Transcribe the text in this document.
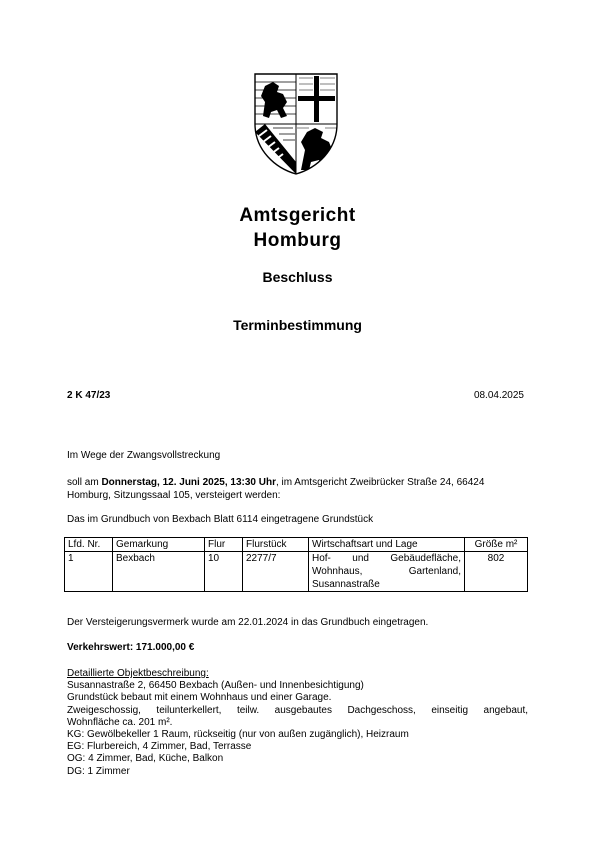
Amtsgericht
Homburg
Beschluss
Terminbestimmung
2 K 47/23	08.04.2025
Im Wege der Zwangsvollstreckung
soll am Donnerstag, 12. Juni 2025, 13:30 Uhr, im Amtsgericht Zweibrücker Straße 24, 66424 Homburg, Sitzungssaal 105, versteigert werden:
Das im Grundbuch von Bexbach Blatt 6114 eingetragene Grundstück
Lfd. Nr.	Gemarkung	Flur	Flurstück	Wirtschaftsart und Lage	Größe m²
1	Bexbach	10	2277/7	Hof- und Gebäudefläche, Wohnhaus, Gartenland, Susannastraße	802
Der Versteigerungsvermerk wurde am 22.01.2024 in das Grundbuch eingetragen.
Verkehrswert: 171.000,00 €
Detaillierte Objektbeschreibung:
Susannastraße 2, 66450 Bexbach (Außen- und Innenbesichtigung)
Grundstück bebaut mit einem Wohnhaus und einer Garage.
Zweigeschossig, teilunterkellert, teilw. ausgebautes Dachgeschoss, einseitig angebaut,
Wohnfläche ca. 201 m².
KG: Gewölbekeller 1 Raum, rückseitig (nur von außen zugänglich), Heizraum
EG: Flurbereich, 4 Zimmer, Bad, Terrasse
OG: 4 Zimmer, Bad, Küche, Balkon
DG: 1 Zimmer
